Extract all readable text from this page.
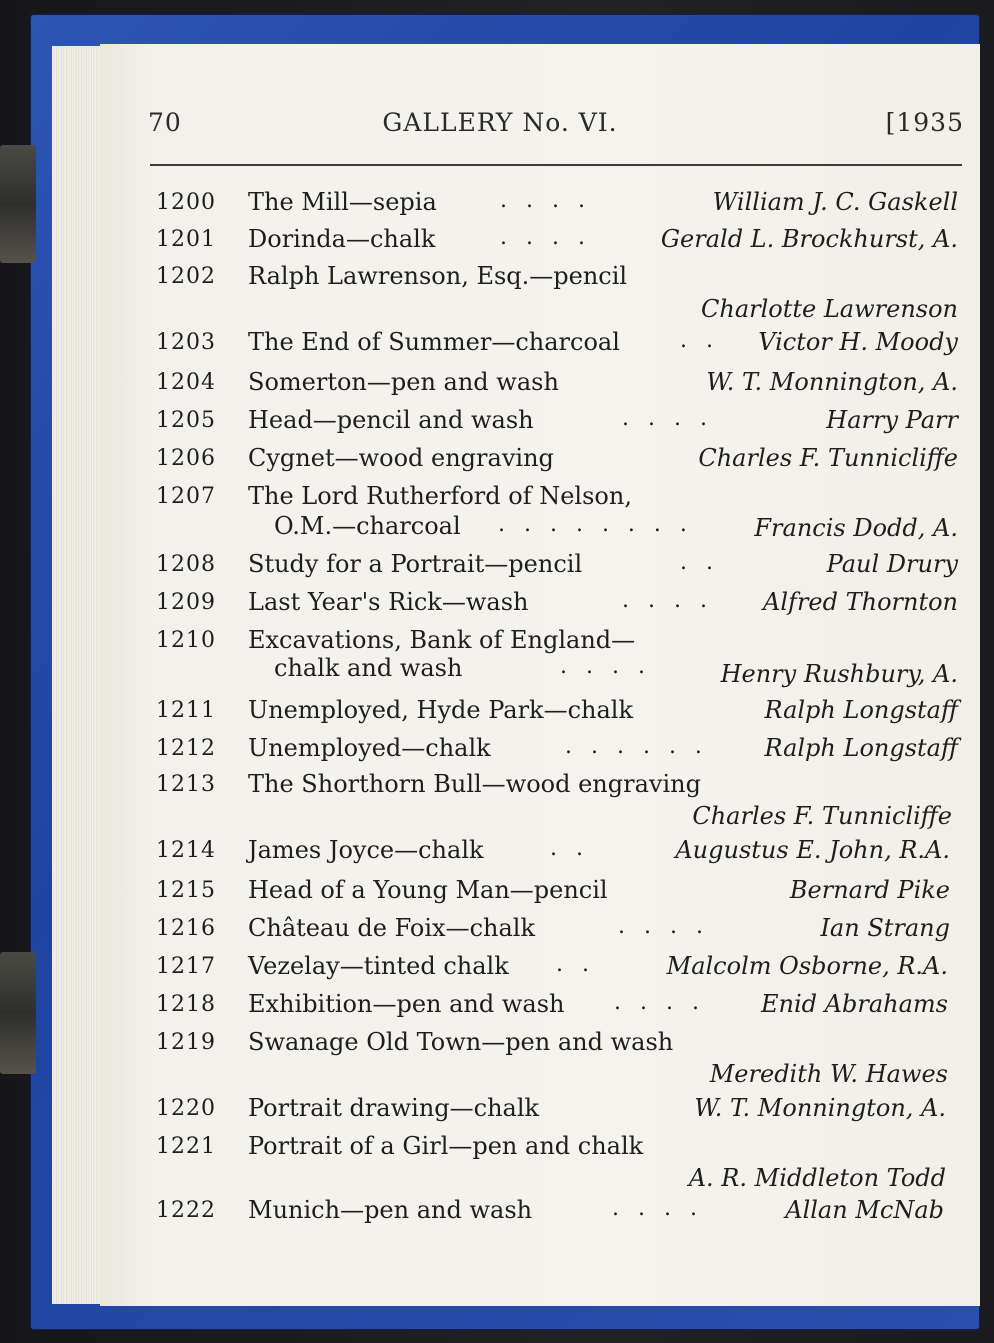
70	GALLERY No. VI.	[1935
1200 The Mill—sepia	. . . .	William J. C. Gaskell
1201 Dorinda—chalk	. . . .	Gerald L. Brockhurst, A.
1202 Ralph Lawrenson, Esq.—pencil
Charlotte Lawrenson
1203 The End of Summer—charcoal	. . Victor H. Moody
1204 Somerton—pen and wash	W. T. Monnington, A.
1205 Head—pencil and wash	. . . .	Harry Parr
1206 Cygnet—wood engraving	Charles F. Tunnicliffe
1207 The Lord Rutherford of Nelson,
O.M.—charcoal . . . . . . . .	Francis Dodd, A.
1208 Study for a Portrait—pencil	. .	Paul Drury
1209 Last Year's Rick—wash	. . . . Alfred Thornton
1210 Excavations, Bank of England—
chalk and wash	. . . .	Henry Rushbury, A.
1211 Unemployed, Hyde Park—chalk	Ralph Longstaff
1212 Unemployed—chalk	. . . . . . Ralph Longstaff
1213 The Shorthorn Bull—wood engraving
Charles F. Tunnicliffe
1214 James Joyce—chalk	. .	Augustus E. John, R.A.
1215 Head of a Young Man—pencil	Bernard Pike
1216 Château de Foix—chalk	. . . .	Ian Strang
1217 Vezelay—tinted chalk . .	Malcolm Osborne, R.A.
1218 Exhibition—pen and wash . . . . Enid Abrahams
1219 Swanage Old Town—pen and wash
Meredith W. Hawes
1220 Portrait drawing—chalk	W. T. Monnington, A.
1221 Portrait of a Girl—pen and chalk
A. R. Middleton Todd
1222 Munich—pen and wash	. . . .	Allan McNab
